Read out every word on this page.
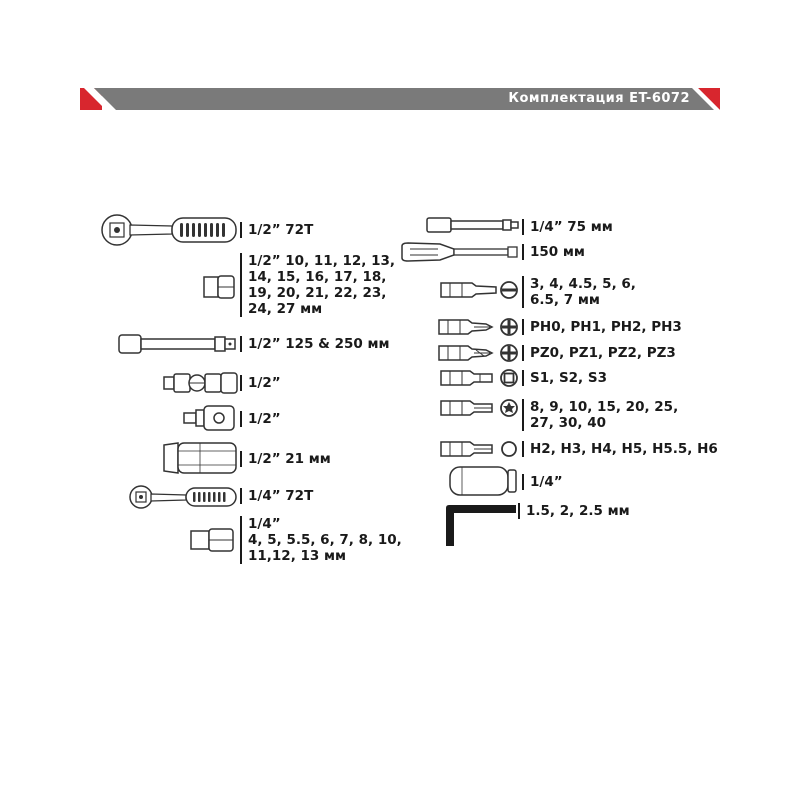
Комплектация ET-6072
1/2” 72T
1/2” 10, 11, 12, 13,
14, 15, 16, 17, 18,
19, 20, 21, 22, 23,
24, 27 мм
1/2” 125 & 250 мм
1/2”
1/2”
1/2” 21 мм
1/4” 72T
1/4”
4, 5, 5.5, 6, 7, 8, 10,
11,12, 13 мм
1/4” 75 мм
150 мм
3, 4, 4.5, 5, 6,
6.5, 7 мм
PH0, PH1, PH2, PH3
PZ0, PZ1, PZ2, PZ3
S1, S2, S3
8, 9, 10, 15, 20, 25,
27, 30, 40
H2, H3, H4, H5, H5.5, H6
1/4”
1.5, 2, 2.5 мм
